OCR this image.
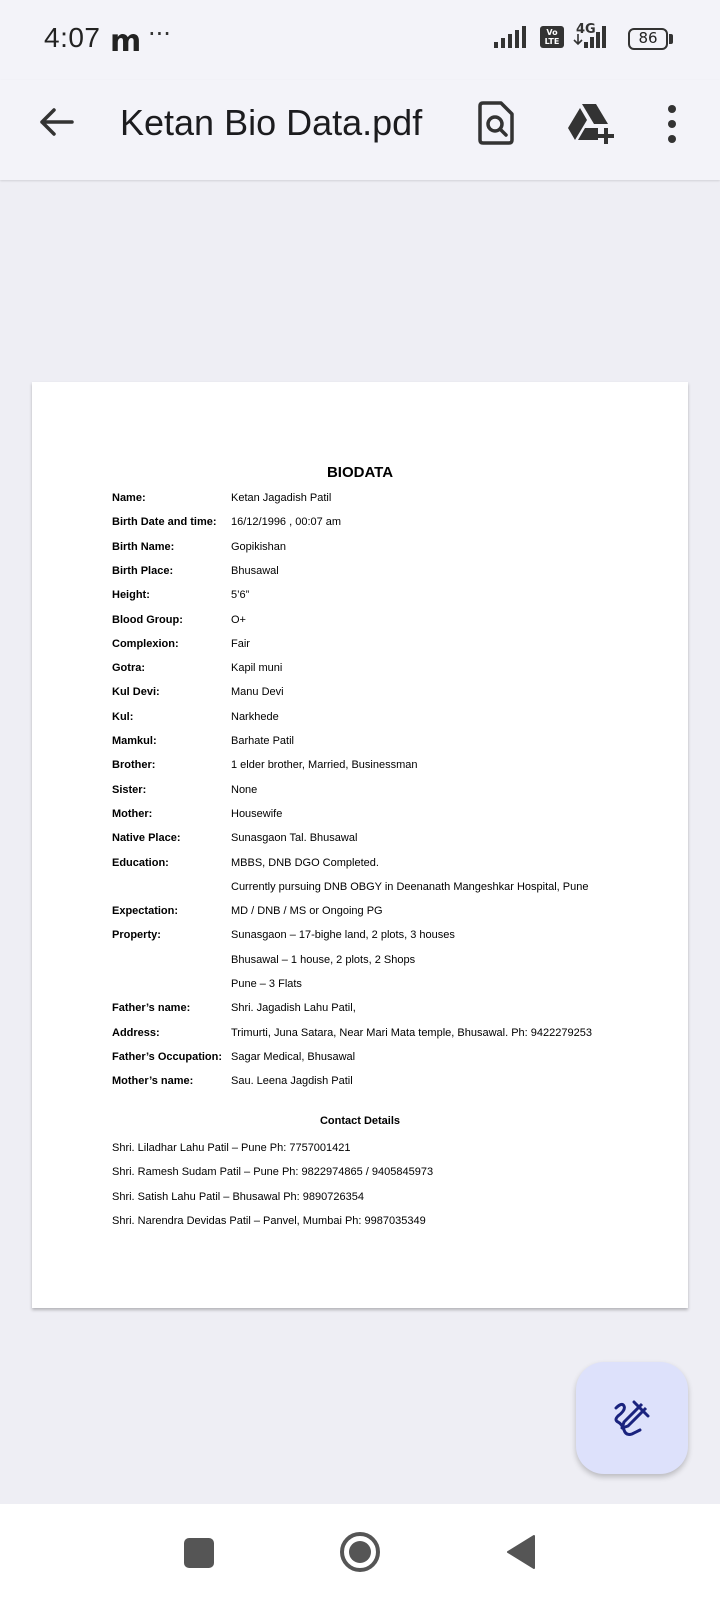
4:07 m ···	Vo LTE
4G	86
Ketan Bio Data.pdf
BIODATA
Name:	Ketan Jagadish Patil
Birth Date and time: 16/12/1996 , 00:07 am
Birth Name:	Gopikishan
Birth Place:	Bhusawal
Height:	5’6”
Blood Group:	O+
Complexion:	Fair
Gotra:	Kapil muni
Kul Devi:	Manu Devi
Kul:	Narkhede
Mamkul:	Barhate Patil
Brother:	1 elder brother, Married, Businessman
Sister:	None
Mother:	Housewife
Native Place:	Sunasgaon Tal. Bhusawal
Education:	MBBS, DNB DGO Completed.
Currently pursuing DNB OBGY in Deenanath Mangeshkar Hospital, Pune
Expectation:	MD / DNB / MS or Ongoing PG
Property:	Sunasgaon – 17-bighe land, 2 plots, 3 houses
Bhusawal – 1 house, 2 plots, 2 Shops
Pune – 3 Flats
Father’s name:	Shri. Jagadish Lahu Patil,
Address:	Trimurti, Juna Satara, Near Mari Mata temple, Bhusawal. Ph: 9422279253
Father’s Occupation: Sagar Medical, Bhusawal
Mother’s name:	Sau. Leena Jagdish Patil
Contact Details
Shri. Liladhar Lahu Patil – Pune Ph: 7757001421
Shri. Ramesh Sudam Patil – Pune Ph: 9822974865 / 9405845973
Shri. Satish Lahu Patil – Bhusawal Ph: 9890726354
Shri. Narendra Devidas Patil – Panvel, Mumbai Ph: 9987035349
